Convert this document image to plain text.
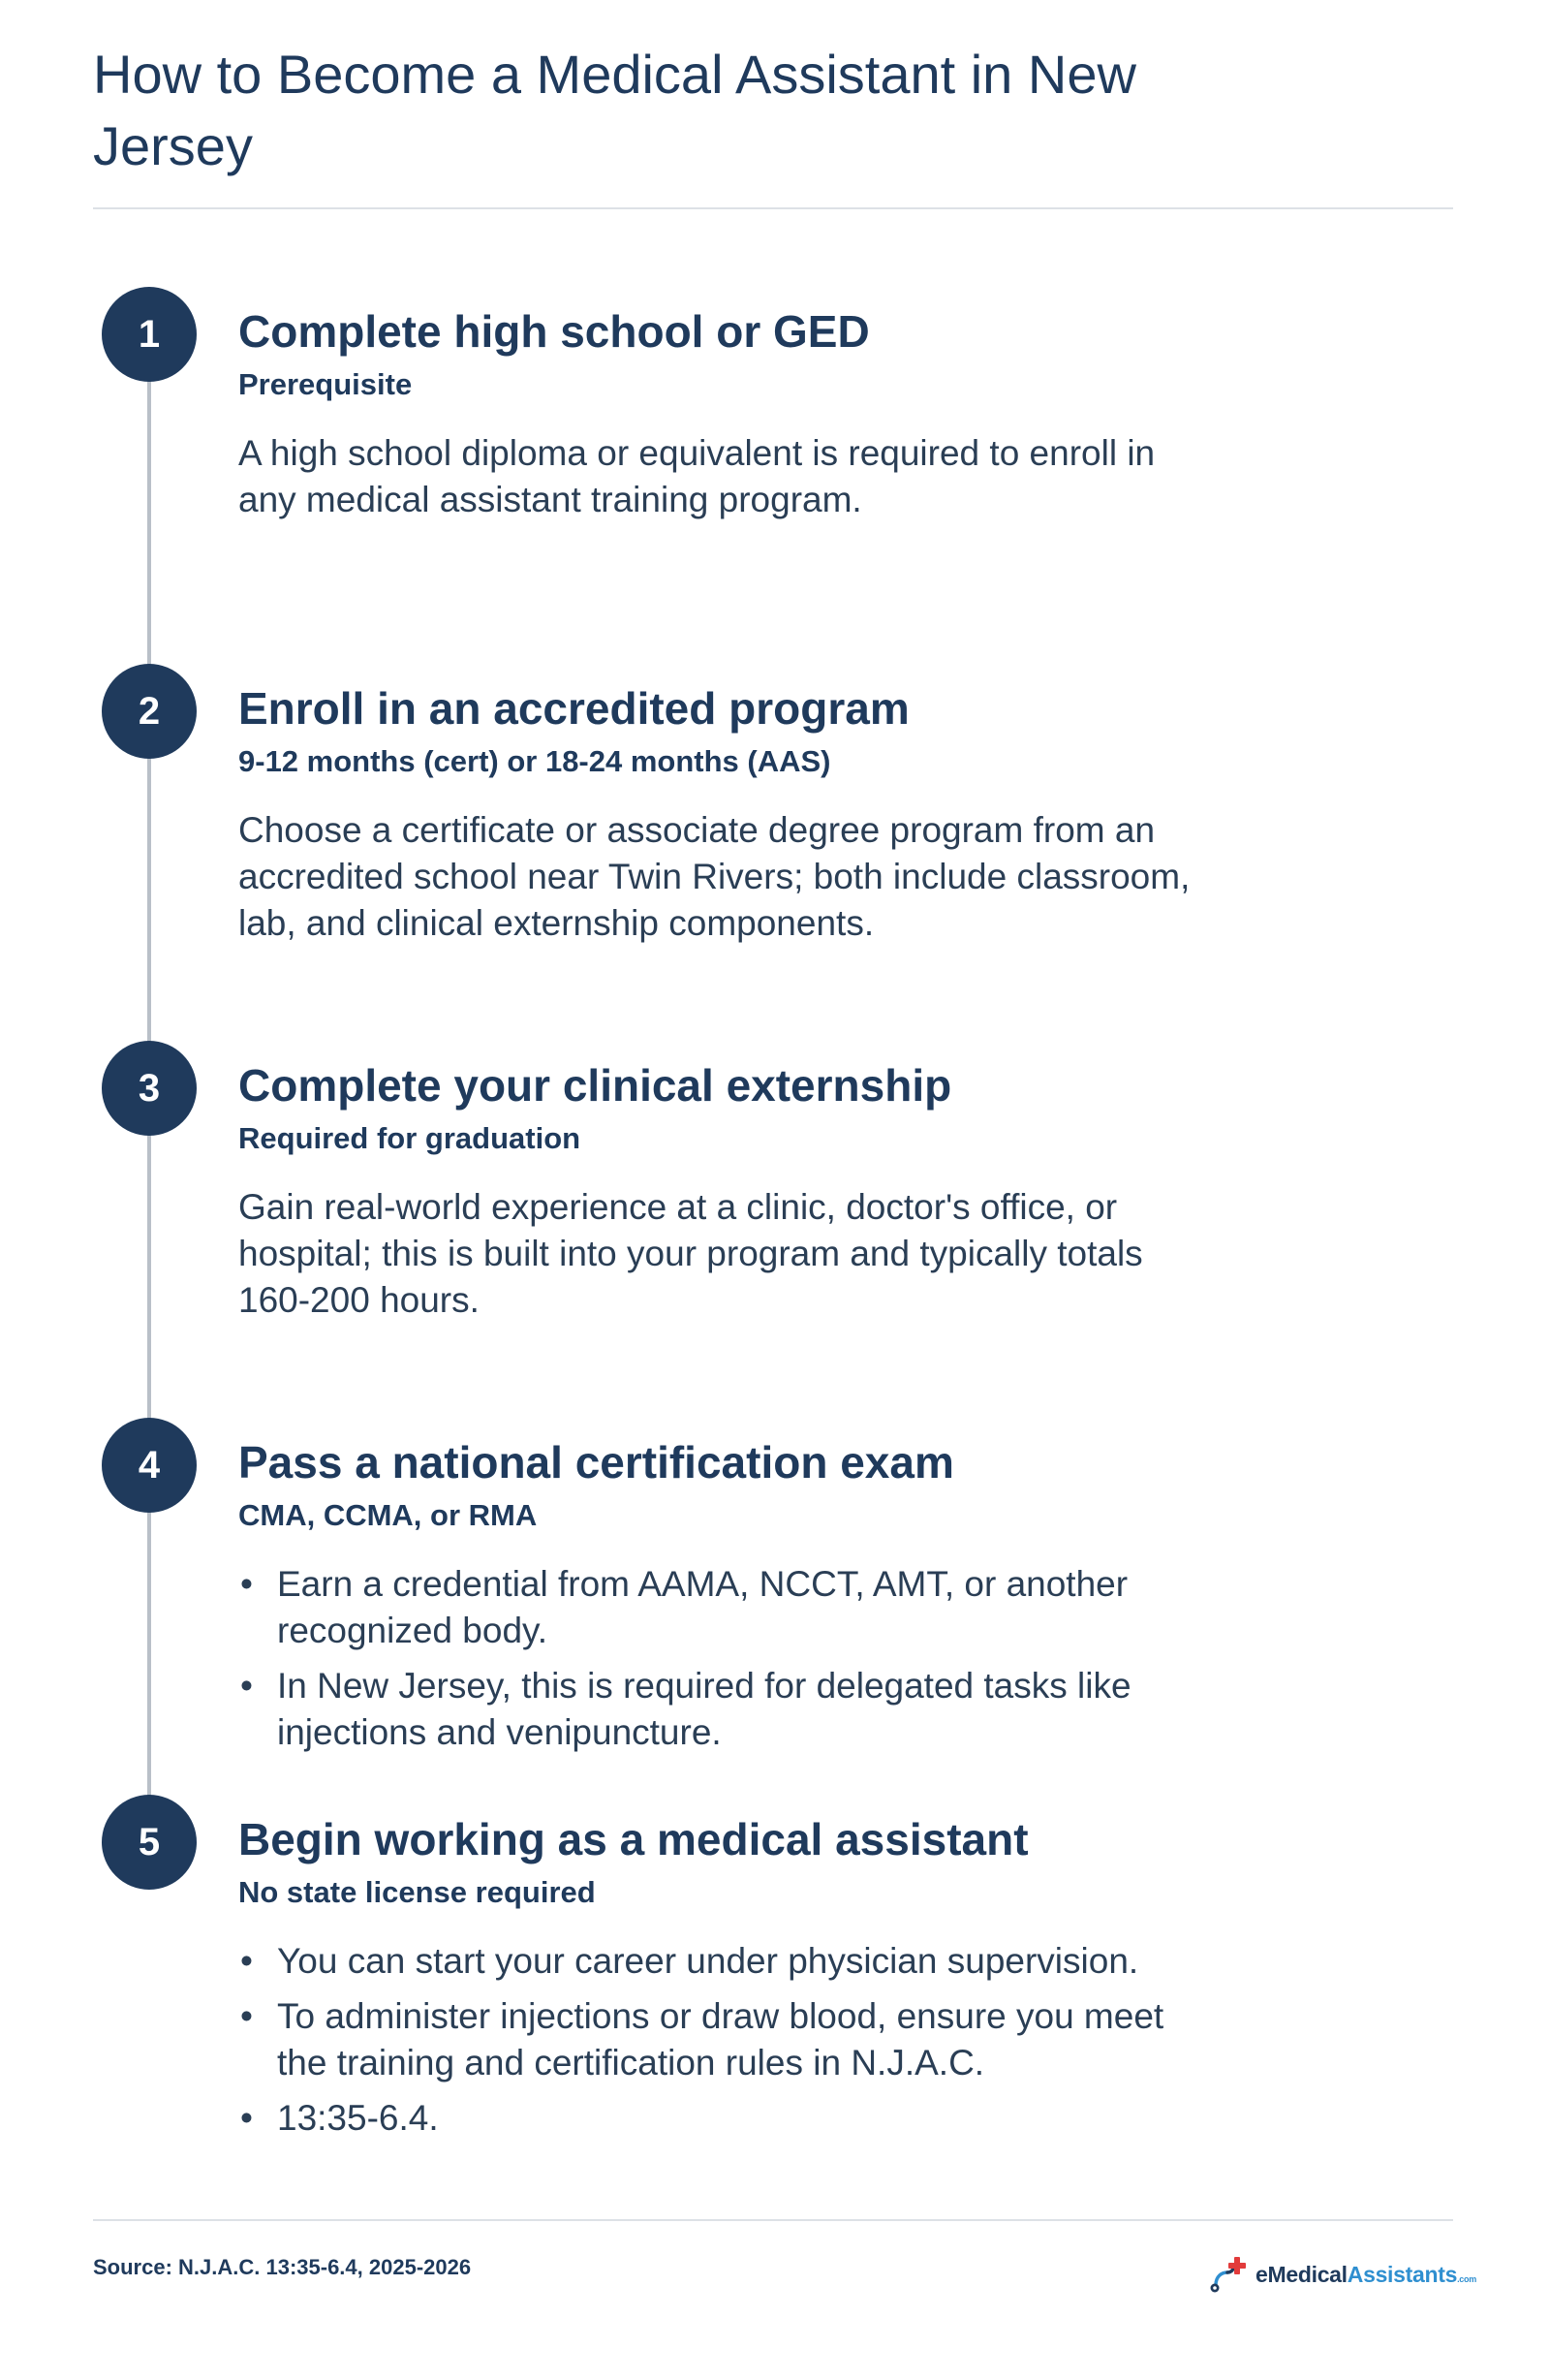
How to Become a Medical Assistant in New Jersey
1	Complete high school or GED
Prerequisite

A high school diploma or equivalent is required to enroll in any medical assistant training program.

2	Enroll in an accredited program
9-12 months (cert) or 18-24 months (AAS)

Choose a certificate or associate degree program from an accredited school near Twin Rivers; both include classroom, lab, and clinical externship components.

3	Complete your clinical externship
Required for graduation

Gain real-world experience at a clinic, doctor's office, or hospital; this is built into your program and typically totals 160-200 hours.

4	Pass a national certification exam
CMA, CCMA, or RMA
• Earn a credential from AAMA, NCCT, AMT, or another recognized body.
• In New Jersey, this is required for delegated tasks like injections and venipuncture.
5	Begin working as a medical assistant
No state license required
• You can start your career under physician supervision.
• To administer injections or draw blood, ensure you meet the training and certification rules in N.J.A.C.
• 13:35-6.4.
Source: N.J.A.C. 13:35-6.4, 2025-2026	eMedicalAssistants.com
